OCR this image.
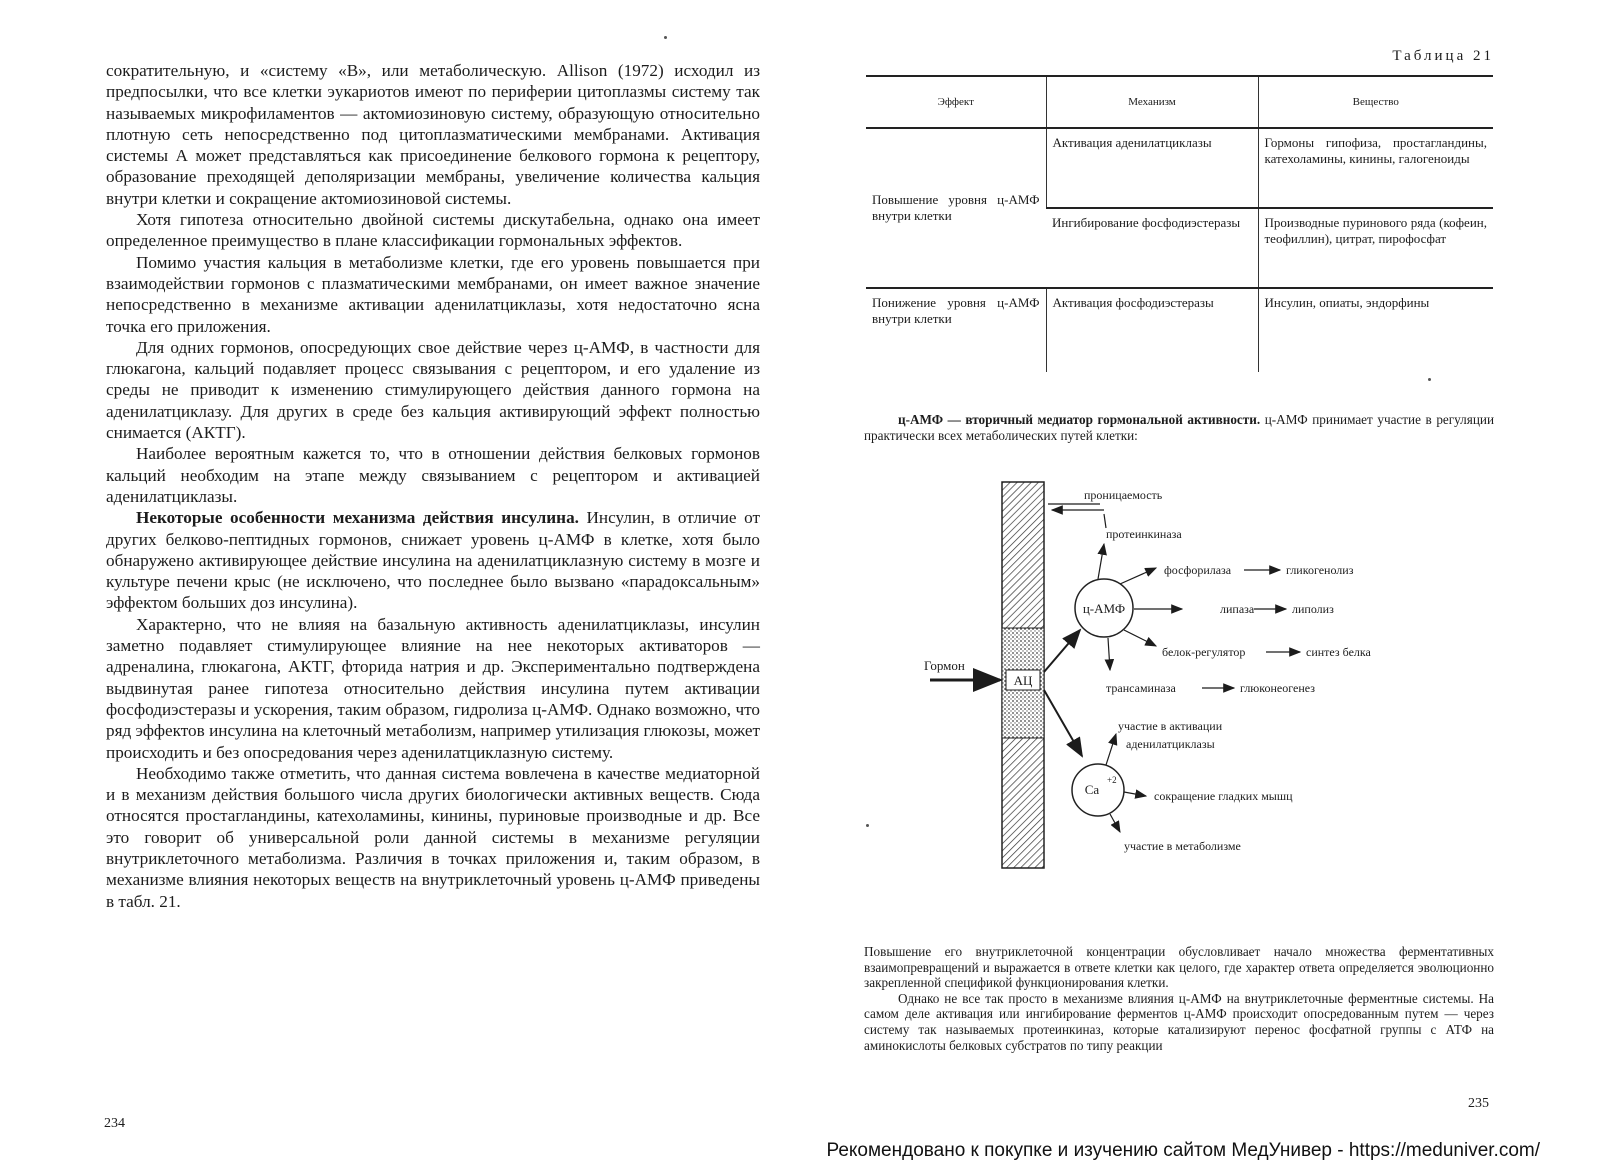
сократительную, и «систему «В», или метаболическую. Allison (1972) исходил из предпосылки, что все клетки эукариотов имеют по периферии цитоплазмы систему так называемых микрофиламентов — актомиозиновую систему, образующую относительно плотную сеть непосредственно под цитоплазматическими мембранами. Активация системы А может представляться как присоединение белкового гормона к рецептору, образование преходящей деполяризации мембраны, увеличение количества кальция внутри клетки и сокращение актомиозиновой системы.

Хотя гипотеза относительно двойной системы дискутабельна, однако она имеет определенное преимущество в плане классификации гормональных эффектов.

Помимо участия кальция в метаболизме клетки, где его уровень повышается при взаимодействии гормонов с плазматическими мембранами, он имеет важное значение непосредственно в механизме активации аденилатциклазы, хотя недостаточно ясна точка его приложения.

Для одних гормонов, опосредующих свое действие через ц-АМФ, в частности для глюкагона, кальций подавляет процесс связывания с рецептором, и его удаление из среды не приводит к изменению стимулирующего действия данного гормона на аденилатциклазу. Для других в среде без кальция активирующий эффект полностью снимается (АКТГ).

Наиболее вероятным кажется то, что в отношении действия белковых гормонов кальций необходим на этапе между связыванием с рецептором и активацией аденилатциклазы.

Некоторые особенности механизма действия инсулина. Инсулин, в отличие от других белково-пептидных гормонов, снижает уровень ц-АМФ в клетке, хотя было обнаружено активирующее действие инсулина на аденилатциклазную систему в мозге и культуре печени крыс (не исключено, что последнее было вызвано «парадоксальным» эффектом больших доз инсулина).

Характерно, что не влияя на базальную активность аденилатциклазы, инсулин заметно подавляет стимулирующее влияние на нее некоторых активаторов — адреналина, глюкагона, АКТГ, фторида натрия и др. Экспериментально подтверждена выдвинутая ранее гипотеза относительно действия инсулина путем активации фосфодиэстеразы и ускорения, таким образом, гидролиза ц-АМФ. Однако возможно, что ряд эффектов инсулина на клеточный метаболизм, например утилизация глюкозы, может происходить и без опосредования через аденилатциклазную систему.

Необходимо также отметить, что данная система вовлечена в качестве медиаторной и в механизм действия большого числа других биологически активных веществ. Сюда относятся простагландины, катехоламины, кинины, пуриновые производные и др. Все это говорит об универсальной роли данной системы в механизме регуляции внутриклеточного метаболизма. Различия в точках приложения и, таким образом, в механизме влияния некоторых веществ на внутриклеточный уровень ц-АМФ приведены в табл. 21.

234
Таблица 21
Эффект	Механизм	Вещество
Повышение уровня ц-АМФ внутри клетки	Активация аденилатциклазы	Гормоны гипофиза, простагландины, катехоламины, кинины, галогеноиды
	Ингибирование фосфодиэстеразы	Производные пуринового ряда (кофеин, теофиллин), цитрат, пирофосфат
Понижение уровня ц-АМФ внутри клетки	Активация фосфодиэстеразы	Инсулин, опиаты, эндорфины

ц-АМФ — вторичный медиатор гормональной активности. ц-АМФ принимает участие в регуляции практически всех метаболических путей клетки:

АЦ
Гормон
ц-АМФ
Ca
+2
проницаемость
протеинкиназа
фосфорилаза	гликогенолиз
липаза	липолиз
белок-регулятор	синтез белка
трансаминаза	глюконеогенез
участие в активации
аденилатциклазы
сокращение гладких мышц
участие в метаболизме

Повышение его внутриклеточной концентрации обусловливает начало множества ферментативных взаимопревращений и выражается в ответе клетки как целого, где характер ответа определяется эволюционно закрепленной спецификой функционирования клетки.

Однако не все так просто в механизме влияния ц-АМФ на внутриклеточные ферментные системы. На самом деле активация или ингибирование ферментов ц-АМФ происходит опосредованным путем — через систему так называемых протеинкиназ, которые катализируют перенос фосфатной группы с АТФ на аминокислоты белковых субстратов по типу реакции

235
Рекомендовано к покупке и изучению сайтом МедУнивер - https://meduniver.com/
